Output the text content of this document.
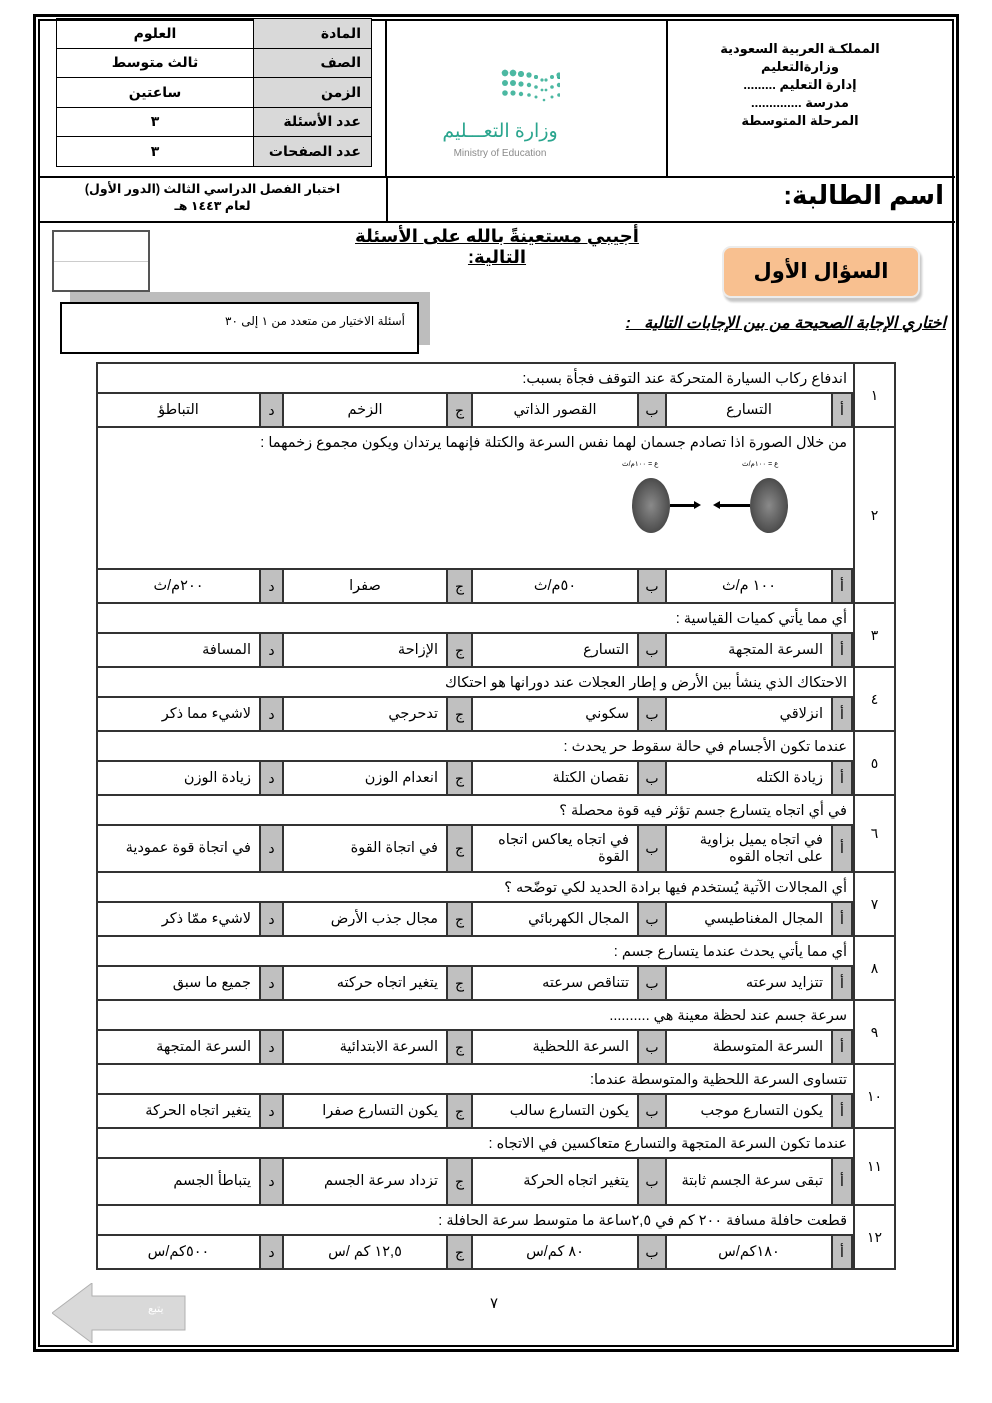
العلوم	المادة
ثالث متوسط	الصف
ساعتين	الزمن
٣	عدد الأسئلة
٣	عدد الصفحات
وزارة التعـــليم
Ministry of Education
المملكـة العربية السعودية
وزارةالتعليم
إدارة التعليم .........
مدرسة ..............
المرحلة المتوسطة
اختبار الفصل الدراسي الثالث (الدور الأول)
لعام ١٤٤٣ هـ	اسم الطالبة:
أجيبي مستعينةً بالله على الأسئلة التالية:
السؤال الأول
أسئلة الاختيار من متعدد من ١ إلى ٣٠	اختاري الإجابة الصحيحة من بين الإجابات التالية   :
١
اندفاع ركاب السيارة المتحركة عند التوقف فجأة بسبب:
أ
التسارع
ب
القصور الذاتي
ج
الزخم
د
التباطؤ
٢
من خلال الصورة اذا تصادم جسمان لهما نفس السرعة والكتلة فإنهما يرتدان ويكون مجموع زخمهما :
ع = ١٠٠م/ث	ع = ١٠٠م/ث
أ
١٠٠ م/ث
ب
٥٠م/ث
ج
صفرا
د
٢٠٠م/ث
٣
أي مما يأتي كميات القياسية :
أ
السرعة المتجهة
ب
التسارع
ج
الإزاحة
د
المسافة
٤
الاحتكاك الذي ينشأ بين الأرض و إطار العجلات عند دورانها هو احتكاك
أ
انزلاقي
ب
سكوني
ج
تدحرجي
د
لاشيء مما ذكر
٥
عندما تكون الأجسام في حالة سقوط حر يحدث :
أ
زيادة الكتله
ب
نقصان الكتلة
ج
انعدام الوزن
د
زيادة الوزن
٦
في أي اتجاه يتسارع جسم تؤثر فيه قوة محصلة ؟
أ
في اتجاه يميل بزاوية على اتجاه القوه
ب
في اتجاه يعاكس اتجاه القوة
ج
في اتجاة القوة
د
في اتجاة قوة عمودية
٧
أي المجالات الآتية يُستخدم فيها برادة الحديد لكي توضّحه ؟
أ
المجال المغناطيسي
ب
المجال الكهربائي
ج
مجال جذب الأرض
د
لاشيء ممّا ذكر
٨
أي مما يأتي يحدث عندما يتسارع جسم :
أ
تتزايد سرعته
ب
تتناقص سرعته
ج
يتغير اتجاه حركته
د
جميع ما سبق
٩
سرعة جسم عند لحظة معينة هي ..........
أ
السرعة المتوسطة
ب
السرعة اللحظية
ج
السرعة الابتدائية
د
السرعة المتجهة
١٠
تتساوى السرعة اللحظية والمتوسطة عندما:
أ
يكون التسارع موجب
ب
يكون التسارع سالب
ج
يكون التسارع صفرا
د
يتغير اتجاه الحركة
١١
عندما تكون السرعة المتجهة والتسارع متعاكسين في الاتجاه :
أ
تبقى سرعة الجسم ثابتة
ب
يتغير اتجاه الحركة
ج
تزداد سرعة الجسم
د
يتباطأ الجسم
١٢
قطعت حافلة مسافة ٢٠٠ كم في ٢,٥ساعة ما متوسط سرعة الحافلة :
أ
١٨٠كم/س
ب
٨٠ كم/س
ج
١٢,٥ كم /س
د
٥٠٠كم/س
يتبع	٧
